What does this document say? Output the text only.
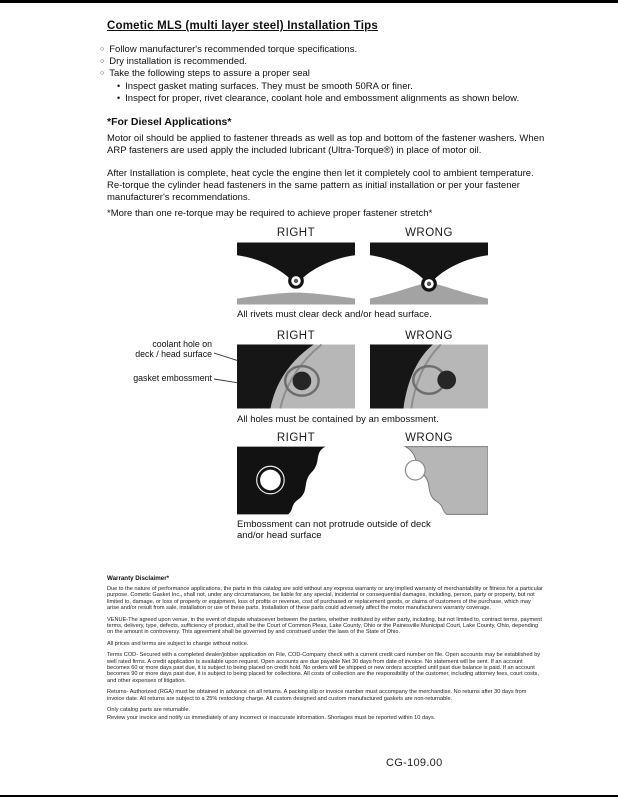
Cometic MLS (multi layer steel) Installation Tips
○ Follow manufacturer's recommended torque specifications.
○ Dry installation is recommended.
○ Take the following steps to assure a proper seal
• Inspect gasket mating surfaces. They must be smooth 50RA or finer.
• Inspect for proper, rivet clearance, coolant hole and embossment alignments as shown below.
*For Diesel Applications*
Motor oil should be applied to fastener threads as well as top and bottom of the fastener washers. When ARP fasteners are used apply the included lubricant (Ultra-Torque®) in place of motor oil.
After Installation is complete, heat cycle the engine then let it completely cool to ambient temperature. Re-torque the cylinder head fasteners in the same pattern as initial installation or per your fastener manufacturer's recommendations.
*More than one re-torque may be required to achieve proper fastener stretch*
RIGHT	WRONG
All rivets must clear deck and/or head surface.
RIGHT	WRONG
coolant hole on
deck / head surface
gasket embossment
All holes must be contained by an embossment.
RIGHT	WRONG
Embossment can not protrude outside of deck
and/or head surface
Warranty Disclaimer*

Due to the nature of performance applications, the parts in this catalog are sold without any express warranty or any implied warranty of merchantability or fitness for a particular purpose. Cometic Gasket Inc., shall not, under any circumstances, be liable for any special, incidental or consequential damages, including, person, party or property, but not limited to, damage, or loss of property or equipment, loss of profits or revenue, cost of purchased or replacement goods, or claims of customers of the purchase, which may arise and/or result from sale, installation or use of these parts. Installation of these parts could adversely affect the motor manufacturers warranty coverage.

VENUE-The agreed upon venue, in the event of dispute whatsoever between the parties, whether instituted by either party, including, but not limited to, contract terms, payment terms, delivery, type, defects, sufficiency of product, shall be the Court of Common Pleas, Lake County, Ohio or the Painesville Municipal Court, Lake County, Ohio, depending on the amount in controversy. This agreement shall be governed by and construed under the laws of the State of Ohio.

All prices and terms are subject to change without notice.

Terms COD- Secured with a completed dealer/jobber application on File, COD-Company check with a current credit card number on file. Open accounts may be established by well rated firms. A credit application is available upon request. Open accounts are due payable Net 30 days from date of invoice. No statement will be sent. If an account becomes 60 or more days past due, it is subject to being placed on credit hold. No orders will be shipped or new orders accepted until past due balance is paid. If an account becomes 90 or more days past due, it is subject to being placed for collections. All costs of collection are the responsibility of the customer, including attorney fees, court costs, and other expenses of litigation.

Returns- Authorized (RGA) must be obtained in advance on all returns. A packing slip or invoice number must accompany the merchandise. No returns after 30 days from invoice date. All returns are subject to a 25% restocking charge. All custom designed and custom manufactured gaskets are non-returnable.

Only catalog parts are returnable.

Review your invoice and notify us immediately of any incorrect or inaccurate information. Shortages must be reported within 10 days.

CG-109.00
